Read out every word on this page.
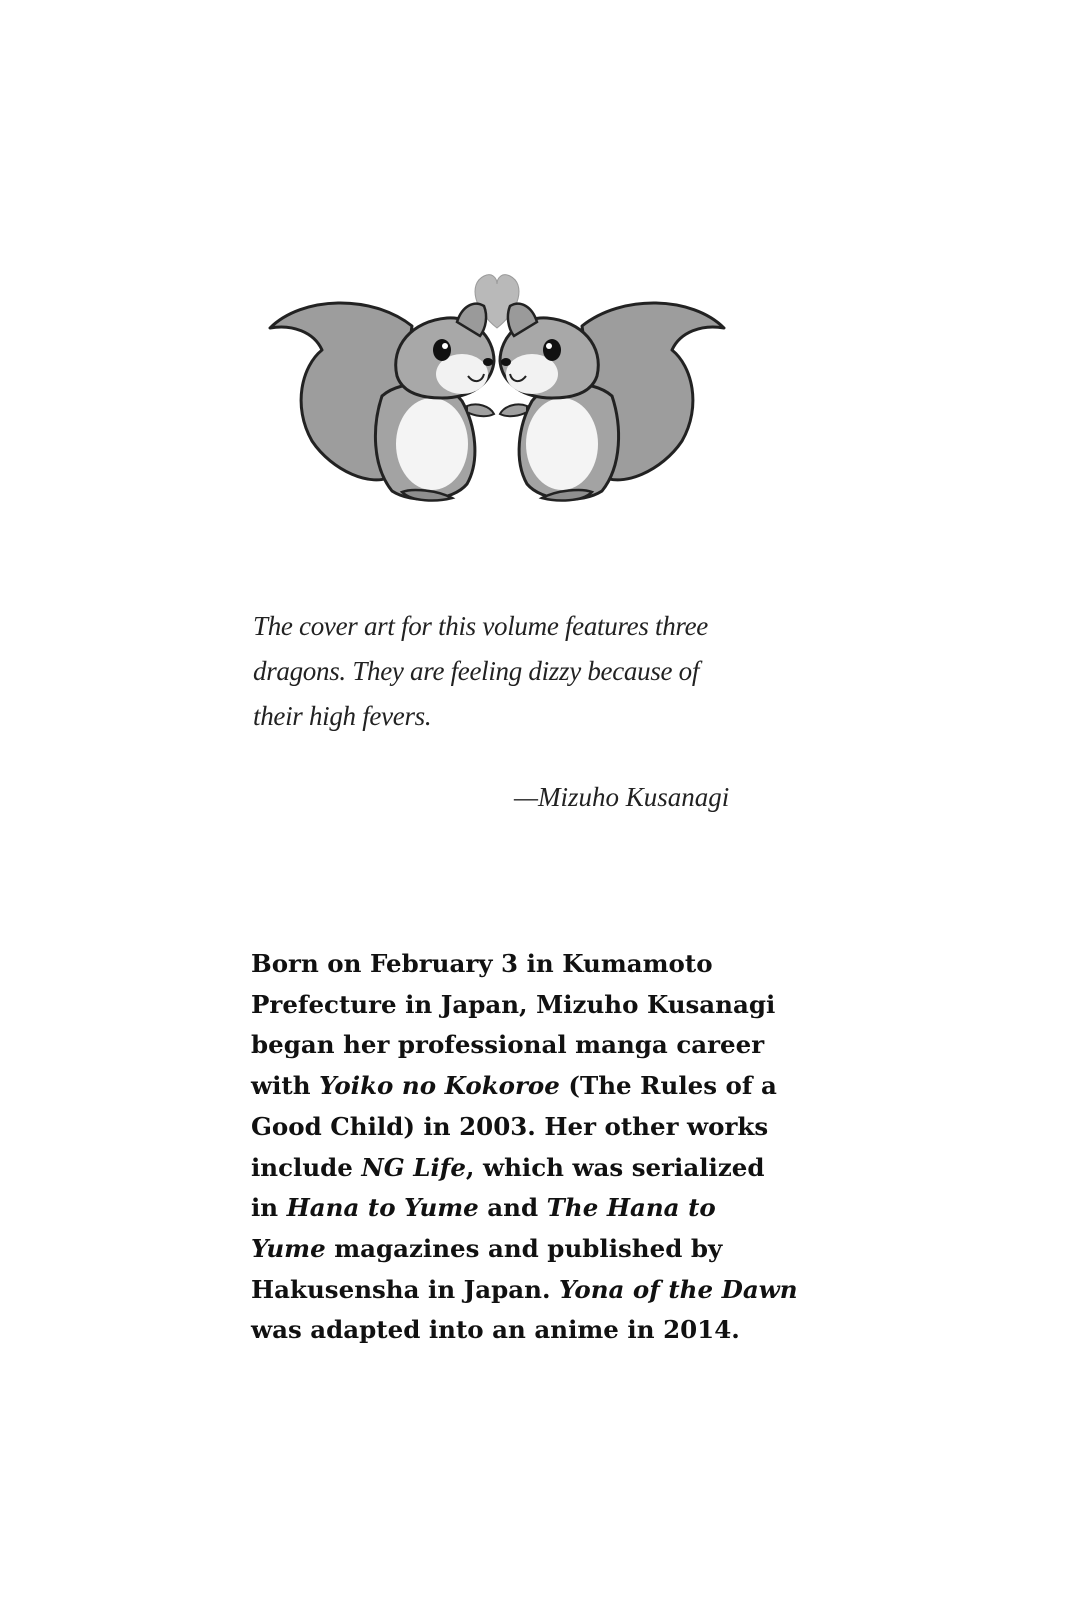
The cover art for this volume features three
dragons. They are feeling dizzy because of
their high fevers.

—Mizuho Kusanagi

Born on February 3 in Kumamoto
Prefecture in Japan, Mizuho Kusanagi
began her professional manga career
with Yoiko no Kokoroe (The Rules of a
Good Child) in 2003. Her other works
include NG Life, which was serialized
in Hana to Yume and The Hana to
Yume magazines and published by
Hakusensha in Japan. Yona of the Dawn
was adapted into an anime in 2014.
